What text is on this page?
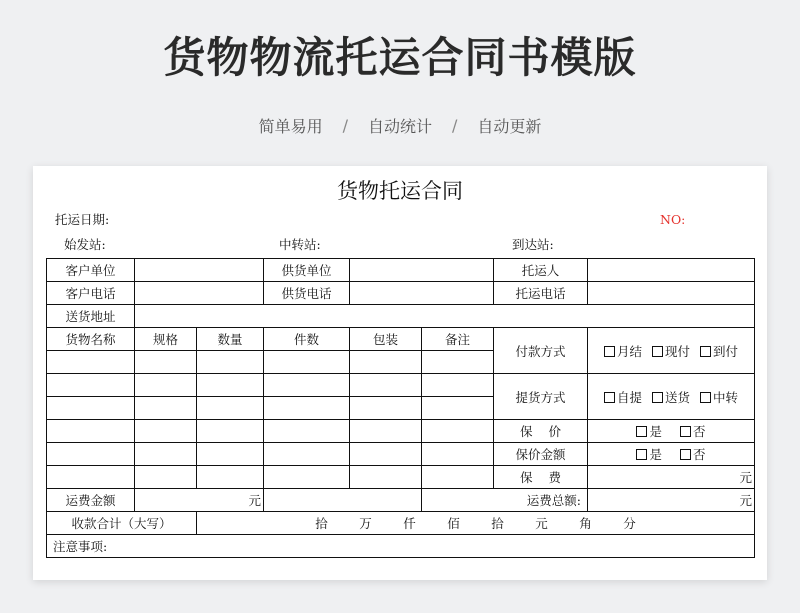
货物物流托运合同书模版
简单易用 / 自动统计 / 自动更新
货物托运合同
托运日期:	NO:
始发站:	中转站:	到达站:
客户单位			供货单位			托运人	
客户电话			供货电话			托运电话	
送货地址							
货物名称	规格	数量	件数	包装	备注	付款方式	月结 现付 到付

						提货方式	自提 送货 中转

						保    价	是 否
						保价金额	是 否
						保    费	元
运费金额	元				运费总额:		元
收款合计（大写）		拾 万 仟 佰 拾 元 角 分					
注意事项:							
